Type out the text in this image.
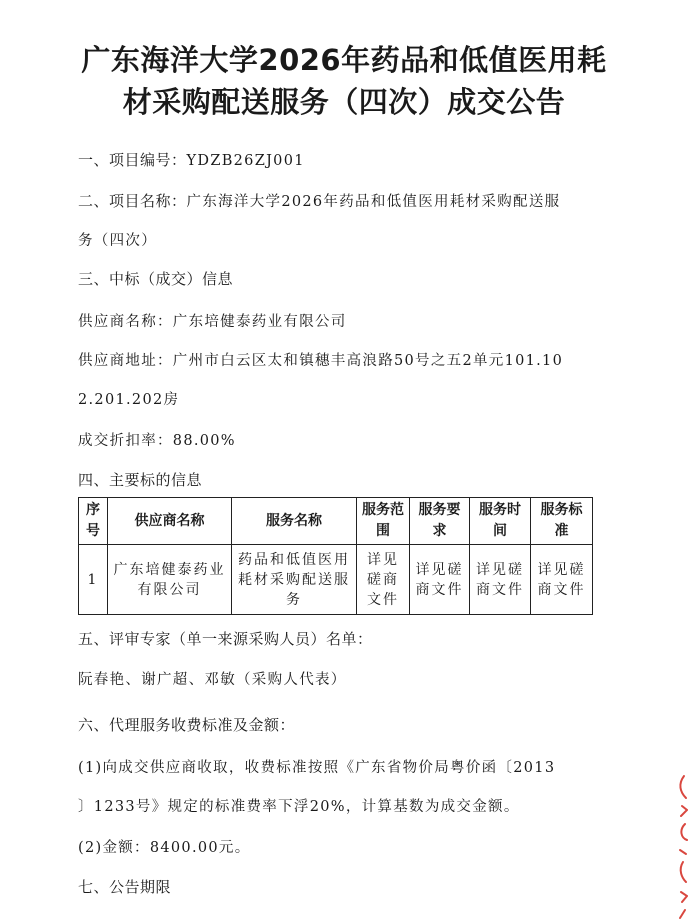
广东海洋大学2026年药品和低值医用耗
材采购配送服务（四次）成交公告

一、项目编号：YDZB26ZJ001

二、项目名称：广东海洋大学2026年药品和低值医用耗材采购配送服

务（四次）

三、中标（成交）信息

供应商名称：广东培健泰药业有限公司

供应商地址：广州市白云区太和镇穗丰高浪路50号之五2单元101.10

2.201.202房

成交折扣率：88.00%

四、主要标的信息

序号	供应商名称	服务名称	服务范围	服务要求	服务时间	服务标准
1	广东培健泰药业有限公司	药品和低值医用耗材采购配送服务	详见磋商文件	详见磋商文件	详见磋商文件	详见磋商文件

五、评审专家（单一来源采购人员）名单：

阮春艳、谢广超、邓敏（采购人代表）

六、代理服务收费标准及金额：

(1)向成交供应商收取，收费标准按照《广东省物价局粤价函〔2013

〕1233号》规定的标准费率下浮20%，计算基数为成交金额。

(2)金额：8400.00元。

七、公告期限
